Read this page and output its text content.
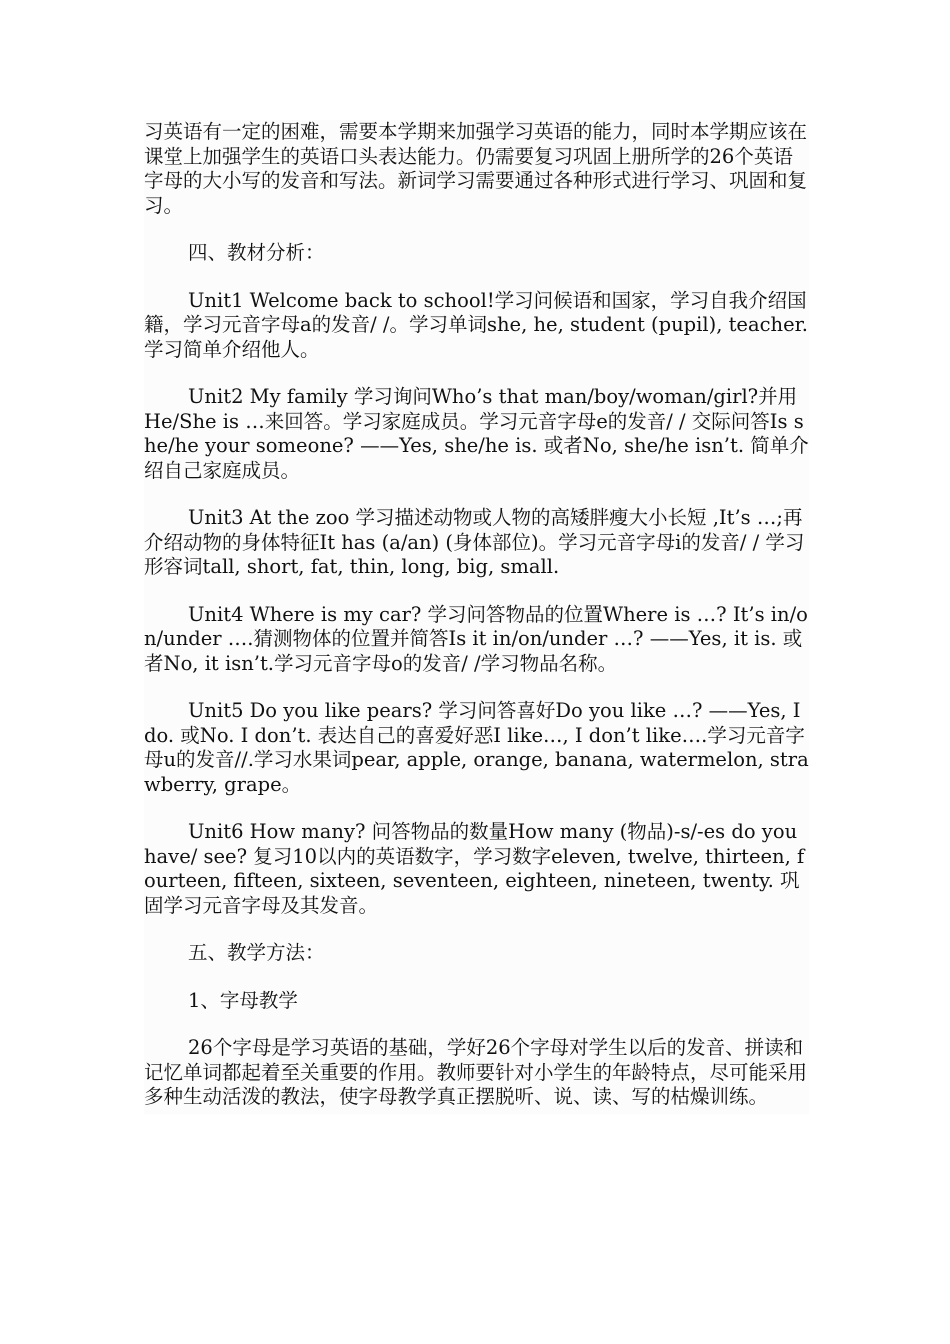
习英语有一定的困难，需要本学期来加强学习英语的能力，同时本学期应该在课堂上加强学生的英语口头表达能力。仍需要复习巩固上册所学的26个英语字母的大小写的发音和写法。新词学习需要通过各种形式进行学习、巩固和复习。

四、教材分析：

Unit1 Welcome back to school!学习问候语和国家，学习自我介绍国籍，学习元音字母a的发音/ /。学习单词she, he, student (pupil), teacher. 学习简单介绍他人。

Unit2 My family 学习询问Who’s that man/boy/woman/girl?并用He/She is …来回答。学习家庭成员。学习元音字母e的发音/ / 交际问答Is she/he your someone? ——Yes, she/he is. 或者No, she/he isn’t. 简单介绍自己家庭成员。

Unit3 At the zoo 学习描述动物或人物的高矮胖瘦大小长短 ,It’s …;再介绍动物的身体特征It has (a/an) (身体部位)。学习元音字母i的发音/ / 学习形容词tall, short, fat, thin, long, big, small.

Unit4 Where is my car? 学习问答物品的位置Where is …? It’s in/on/under ….猜测物体的位置并简答Is it in/on/under …? ——Yes, it is. 或者No, it isn’t.学习元音字母o的发音/ /学习物品名称。

Unit5 Do you like pears? 学习问答喜好Do you like …? ——Yes, I do. 或No. I don’t. 表达自己的喜爱好恶I like…, I don’t like….学习元音字母u的发音//.学习水果词pear, apple, orange, banana, watermelon, strawberry, grape。

Unit6 How many? 问答物品的数量How many (物品)-s/-es do you have/ see? 复习10以内的英语数字，学习数字eleven, twelve, thirteen, fourteen, fifteen, sixteen, seventeen, eighteen, nineteen, twenty. 巩固学习元音字母及其发音。

五、教学方法：

1、字母教学

26个字母是学习英语的基础，学好26个字母对学生以后的发音、拼读和记忆单词都起着至关重要的作用。教师要针对小学生的年龄特点，尽可能采用多种生动活泼的教法，使字母教学真正摆脱听、说、读、写的枯燥训练。
